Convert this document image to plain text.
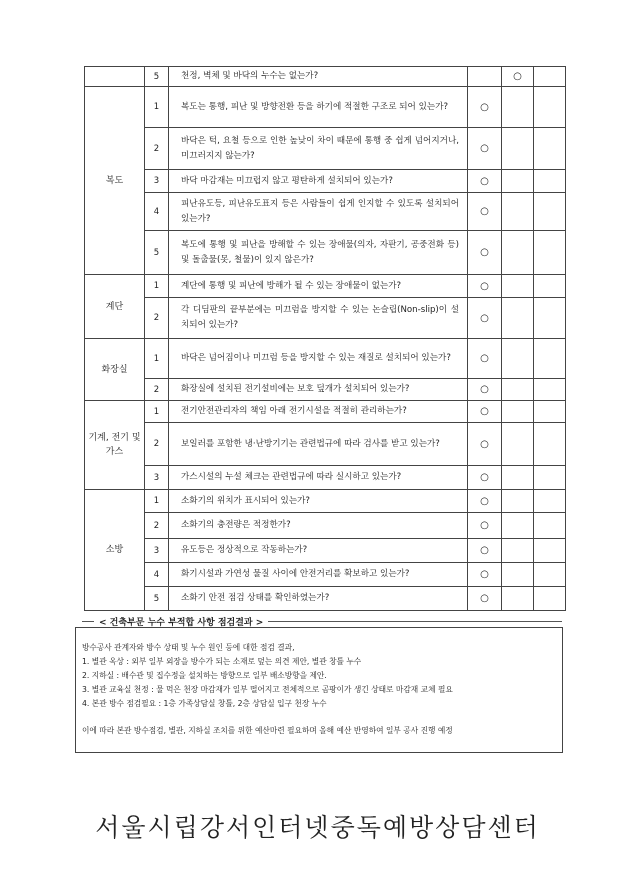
	5	천정, 벽체 및 바닥의 누수는 없는가?		○	
복도	1	복도는 통행, 피난 및 방향전환 등을 하기에 적절한 구조로 되어 있는가?	○		
	2	바닥은 턱, 요철 등으로 인한 높낮이 차이 때문에 통행 중 쉽게 넘어지거나, 미끄러지지 않는가?	○		
	3	바닥 마감재는 미끄럽지 않고 평탄하게 설치되어 있는가?	○		
	4	피난유도등, 피난유도표지 등은 사람들이 쉽게 인지할 수 있도록 설치되어 있는가?	○		
	5	복도에 통행 및 피난을 방해할 수 있는 장애물(의자, 자판기, 공중전화 등) 및 돌출물(못, 철물)이 있지 않은가?	○		
계단	1	계단에 통행 및 피난에 방해가 될 수 있는 장애물이 없는가?	○		
	2	각 디딤판의 끝부분에는 미끄럼을 방지할 수 있는 논슬립(Non-slip)이 설치되어 있는가?	○		
화장실	1	바닥은 넘어짐이나 미끄럼 등을 방지할 수 있는 재질로 설치되어 있는가?	○		
	2	화장실에 설치된 전기설비에는 보호 덮개가 설치되어 있는가?	○		
기계, 전기 및 가스	1	전기안전관리자의 책임 아래 전기시설을 적절히 관리하는가?	○		
	2	보일러를 포함한 냉·난방기기는 관련법규에 따라 검사를 받고 있는가?	○		
	3	가스시설의 누설 체크는 관련법규에 따라 실시하고 있는가?	○		
소방	1	소화기의 위치가 표시되어 있는가?	○		
	2	소화기의 충전량은 적정한가?	○		
	3	유도등은 정상적으로 작동하는가?	○		
	4	화기시설과 가연성 물질 사이에 안전거리를 확보하고 있는가?	○		
	5	소화기 안전 점검 상태를 확인하였는가?	○		
< 건축부문 누수 부적합 사항 점검결과 >
방수공사 관계자와 방수 상태 및 누수 원인 등에 대한 점검 결과,
1. 별관 옥상 : 외부 일부 외장을 방수가 되는 소재로 덮는 의견 제안, 별관 창틀 누수
2. 지하실 : 배수관 및 집수정을 설치하는 방향으로 일부 배소방향을 제안.
3. 별관 교육실 천정 : 물 먹은 천장 마감재가 일부 떨어지고 전체적으로 곰팡이가 생긴 상태로 마감재 교체 필요
4. 본관 방수 점검필요 : 1층 가족상담실 창틀, 2층 상담실 입구 천장 누수
이에 따라 본관 방수점검, 별관, 지하실 조치를 위한 예산마련 필요하며 올해 예산 반영하여 일부 공사 진행 예정
서울시립강서인터넷중독예방상담센터
